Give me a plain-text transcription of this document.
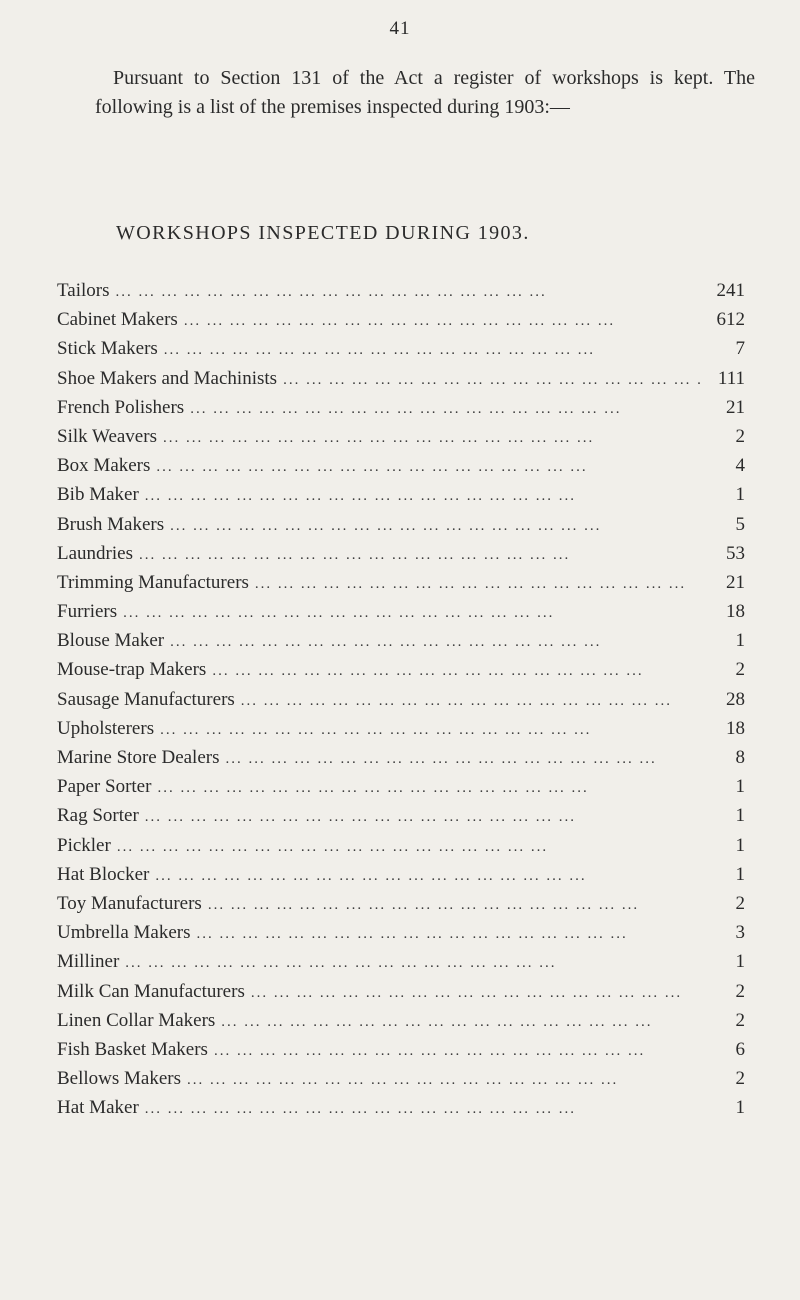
41

Pursuant to Section 131 of the Act a register of workshops is kept. The following is a list of the premises inspected during 1903:—

WORKSHOPS INSPECTED DURING 1903.
Tailors ... .	241
Cabinet Makers ... .	612
Stick Makers ... .	7
Shoe Makers and Machinists ... .	111
French Polishers ... .	21
Silk Weavers ... .	2
Box Makers ... .	4
Bib Maker ... .	1
Brush Makers ... .	5
Laundries ... .	53
Trimming Manufacturers ... .	21
Furriers ... .	18
Blouse Maker ... .	1
Mouse-trap Makers ... .	2
Sausage Manufacturers ... .	28
Upholsterers ... .	18
Marine Store Dealers ... .	8
Paper Sorter ... .	1
Rag Sorter ... .	1
Pickler ... .	1
Hat Blocker ... .	1
Toy Manufacturers ... .	2
Umbrella Makers ... .	3
Milliner ... .	1
Milk Can Manufacturers ... .	2
Linen Collar Makers ... .	2
Fish Basket Makers ... .	6
Bellows Makers ... .	2
Hat Maker ... .	1
